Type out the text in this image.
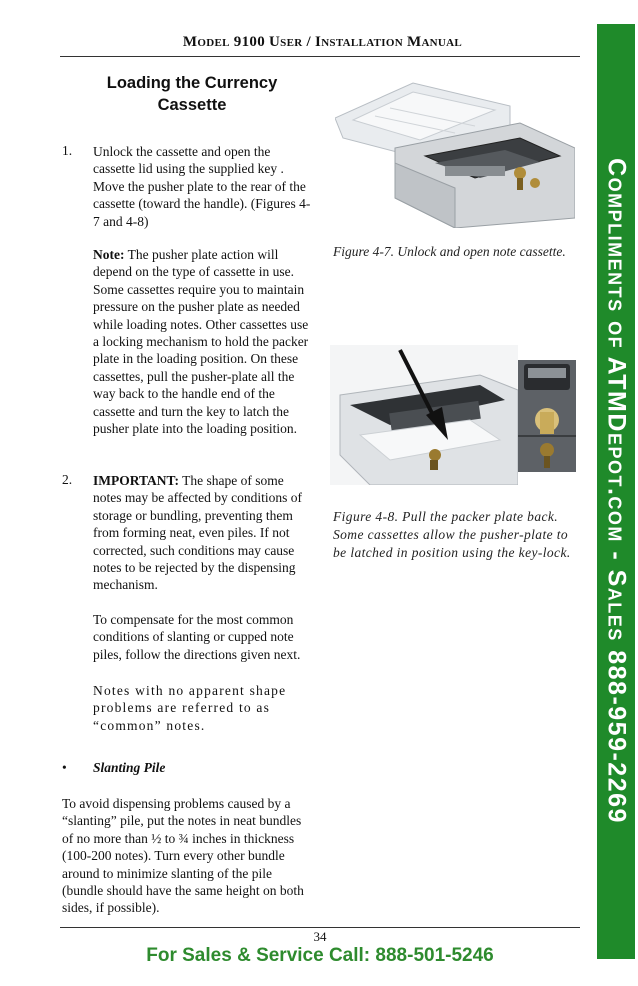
Model 9100 User / Installation Manual
Loading the Currency
Cassette
1. Unlock the cassette and open the cassette lid using the supplied key . Move the pusher plate to the rear of the cassette (toward the handle). (Figures 4-7 and 4-8)
Note: The pusher plate action will depend on the type of cassette in use. Some cassettes require you to maintain pressure on the pusher plate as needed while loading notes. Other cassettes use a locking mechanism to hold the packer plate in the loading position. On these cassettes, pull the pusher-plate all the way back to the handle end of the cassette and turn the key to latch the pusher plate into the loading position.
2. IMPORTANT: The shape of some notes may be affected by conditions of storage or bundling, preventing them from forming neat, even piles. If not corrected, such conditions may cause notes to be rejected by the dispensing mechanism.
To compensate for the most common conditions of slanting or cupped note piles, follow the directions given next.
Notes with no apparent shape problems are referred to as “common” notes.
• Slanting Pile
To avoid dispensing problems caused by a “slanting” pile, put the notes in neat bundles of no more than ½ to ¾ inches in thickness (100-200 notes). Turn every other bundle around to minimize slanting of the pile (bundle should have the same height on both sides, if possible).
Figure 4-7. Unlock and open note cassette.
Figure 4-8. Pull the packer plate back. Some cassettes allow the pusher-plate to be latched in position using the key-lock.
34
For Sales & Service Call: 888-501-5246
Compliments of ATMDepot.com - Sales 888-959-2269
